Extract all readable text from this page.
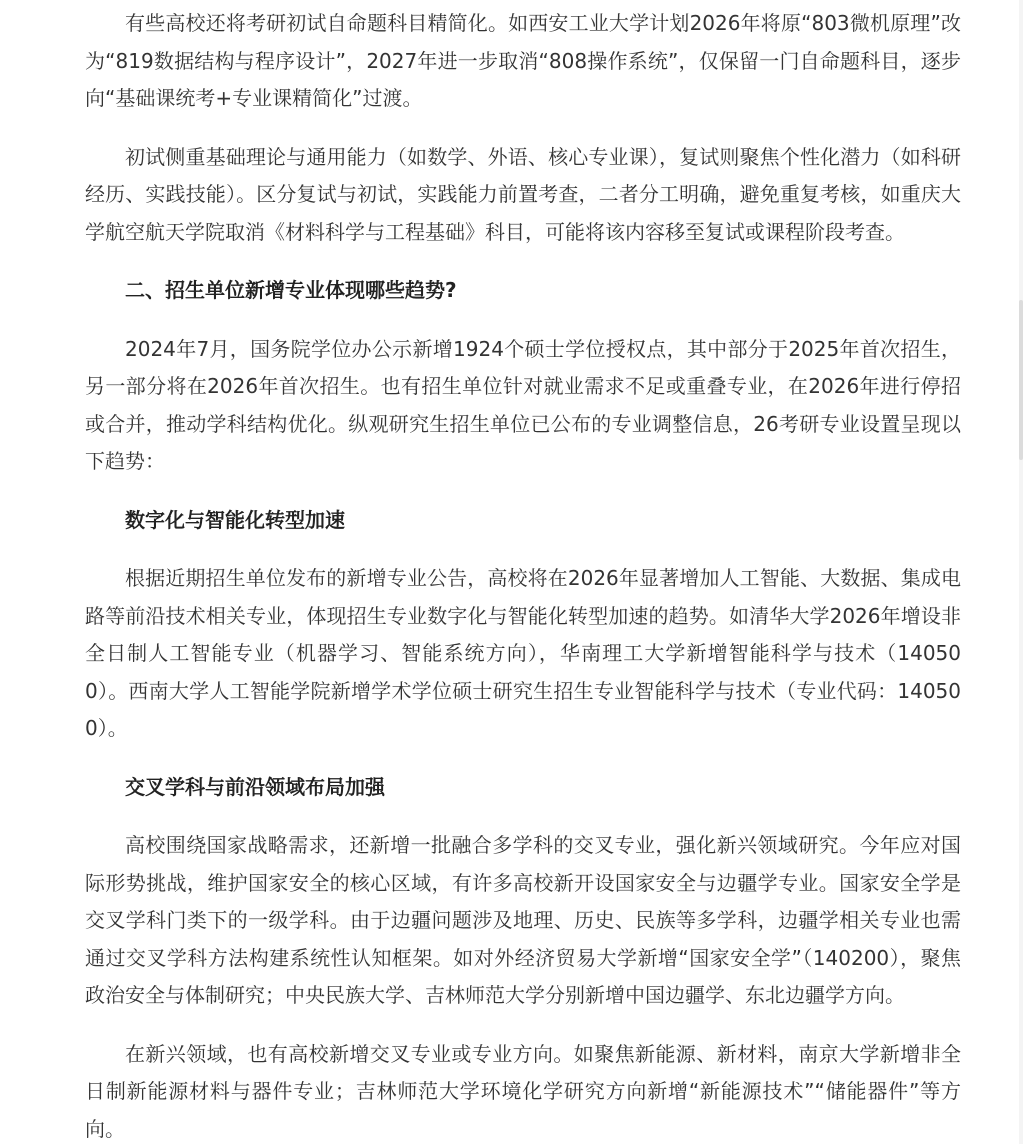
有些高校还将考研初试自命题科目精简化。如西安工业大学计划2026年将原“803微机原理”改为“819数据结构与程序设计”，2027年进一步取消“808操作系统”，仅保留一门自命题科目，逐步向“基础课统考+专业课精简化”过渡。

初试侧重基础理论与通用能力（如数学、外语、核心专业课），复试则聚焦个性化潜力（如科研经历、实践技能）。区分复试与初试，实践能力前置考查，二者分工明确，避免重复考核，如重庆大学航空航天学院取消《材料科学与工程基础》科目，可能将该内容移至复试或课程阶段考查。

二、招生单位新增专业体现哪些趋势?

2024年7月，国务院学位办公示新增1924个硕士学位授权点，其中部分于2025年首次招生，另一部分将在2026年首次招生。也有招生单位针对就业需求不足或重叠专业，在2026年进行停招或合并，推动学科结构优化。纵观研究生招生单位已公布的专业调整信息，26考研专业设置呈现以下趋势：

数字化与智能化转型加速

根据近期招生单位发布的新增专业公告，高校将在2026年显著增加人工智能、大数据、集成电路等前沿技术相关专业，体现招生专业数字化与智能化转型加速的趋势。如清华大学2026年增设非全日制人工智能专业（机器学习、智能系统方向），华南理工大学新增智能科学与技术（140500）。西南大学人工智能学院新增学术学位硕士研究生招生专业智能科学与技术（专业代码：140500）。

交叉学科与前沿领域布局加强

高校围绕国家战略需求，还新增一批融合多学科的交叉专业，强化新兴领域研究。今年应对国际形势挑战，维护国家安全的核心区域，有许多高校新开设国家安全与边疆学专业。国家安全学是交叉学科门类下的一级学科。由于边疆问题涉及地理、历史、民族等多学科，边疆学相关专业也需通过交叉学科方法构建系统性认知框架。如对外经济贸易大学新增“国家安全学”（140200），聚焦政治安全与体制研究；中央民族大学、吉林师范大学分别新增中国边疆学、东北边疆学方向。

在新兴领域，也有高校新增交叉专业或专业方向。如聚焦新能源、新材料，南京大学新增非全日制新能源材料与器件专业；吉林师范大学环境化学研究方向新增“新能源技术”“储能器件”等方向。
